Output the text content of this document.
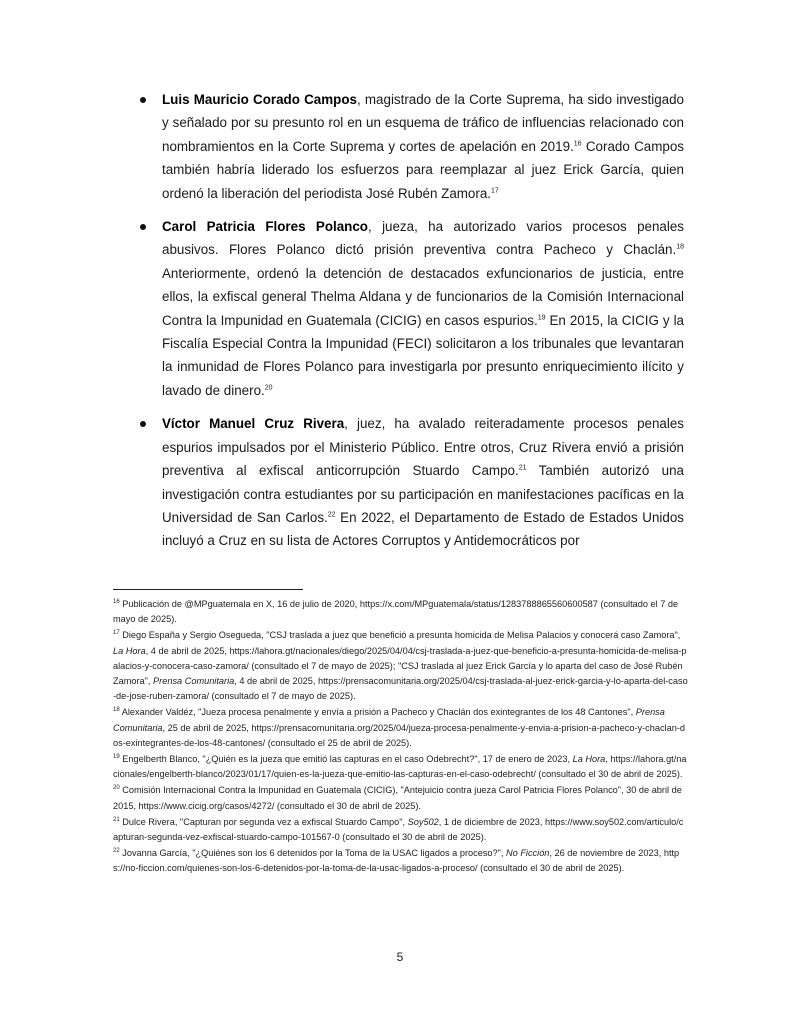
Luis Mauricio Corado Campos, magistrado de la Corte Suprema, ha sido investigado y señalado por su presunto rol en un esquema de tráfico de influencias relacionado con nombramientos en la Corte Suprema y cortes de apelación en 2019.16 Corado Campos también habría liderado los esfuerzos para reemplazar al juez Erick García, quien ordenó la liberación del periodista José Rubén Zamora.$^{17}$
Carol Patricia Flores Polanco, jueza, ha autorizado varios procesos penales abusivos. Flores Polanco dictó prisión preventiva contra Pacheco y Chaclán.$^{18}$ Anteriormente, ordenó la detención de destacados exfuncionarios de justicia, entre ellos, la exfiscal general Thelma Aldana y de funcionarios de la Comisión Internacional Contra la Impunidad en Guatemala (CICIG) en casos espurios.$^{19}$ En 2015, la CICIG y la Fiscalía Especial Contra la Impunidad (FECI) solicitaron a los tribunales que levantaran la inmunidad de Flores Polanco para investigarla por presunto enriquecimiento ilícito y lavado de dinero.$^{20}$
Víctor Manuel Cruz Rivera, juez, ha avalado reiteradamente procesos penales espurios impulsados por el Ministerio Público. Entre otros, Cruz Rivera envió a prisión preventiva al exfiscal anticorrupción Stuardo Campo.$^{21}$ También autorizó una investigación contra estudiantes por su participación en manifestaciones pacíficas en la Universidad de San Carlos.$^{22}$ En 2022, el Departamento de Estado de Estados Unidos incluyó a Cruz en su lista de Actores Corruptos y Antidemocráticos por

$^{16}$ Publicación de @MPguatemala en X, 16 de julio de 2020, https://x.com/MPguatemala/status/1283788865560600587 (consultado el 7 de mayo de 2025).

$^{17}$ Diego España y Sergio Osegueda, "CSJ traslada a juez que benefició a presunta homicida de Melisa Palacios y conocerá caso Zamora", La Hora, 4 de abril de 2025, https://lahora.gt/nacionales/diego/2025/04/04/csj-traslada-a-juez-que-beneficio-a-presunta-homicida-de-melisa-palacios-y-conocera-caso-zamora/ (consultado el 7 de mayo de 2025); "CSJ traslada al juez Erick García y lo aparta del caso de José Rubén Zamora", Prensa Comunitaria, 4 de abril de 2025, https://prensacomunitaria.org/2025/04/csj-traslada-al-juez-erick-garcia-y-lo-aparta-del-caso-de-jose-ruben-zamora/ (consultado el 7 de mayo de 2025).

$^{18}$ Alexander Valdéz, "Jueza procesa penalmente y envía a prisión a Pacheco y Chaclán dos exintegrantes de los 48 Cantones", Prensa Comunitaria, 25 de abril de 2025, https://prensacomunitaria.org/2025/04/jueza-procesa-penalmente-y-envia-a-prision-a-pacheco-y-chaclan-dos-exintegrantes-de-los-48-cantones/ (consultado el 25 de abril de 2025).

$^{19}$ Engelberth Blanco, "¿Quién es la jueza que emitió las capturas en el caso Odebrecht?", 17 de enero de 2023, La Hora, https://lahora.gt/nacionales/engelberth-blanco/2023/01/17/quien-es-la-jueza-que-emitio-las-capturas-en-el-caso-odebrecht/ (consultado el 30 de abril de 2025).

$^{20}$ Comisión Internacional Contra la Impunidad en Guatemala (CICIG), "Antejuicio contra jueza Carol Patricia Flores Polanco", 30 de abril de 2015, https://www.cicig.org/casos/4272/ (consultado el 30 de abril de 2025).

$^{21}$ Dulce Rivera, "Capturan por segunda vez a exfiscal Stuardo Campo", Soy502, 1 de diciembre de 2023, https://www.soy502.com/articulo/capturan-segunda-vez-exfiscal-stuardo-campo-101567-0 (consultado el 30 de abril de 2025).

$^{22}$ Jovanna García, "¿Quiénes son los 6 detenidos por la Toma de la USAC ligados a proceso?", No Ficción, 26 de noviembre de 2023, https://no-ficcion.com/quienes-son-los-6-detenidos-por-la-toma-de-la-usac-ligados-a-proceso/ (consultado el 30 de abril de 2025).

5
